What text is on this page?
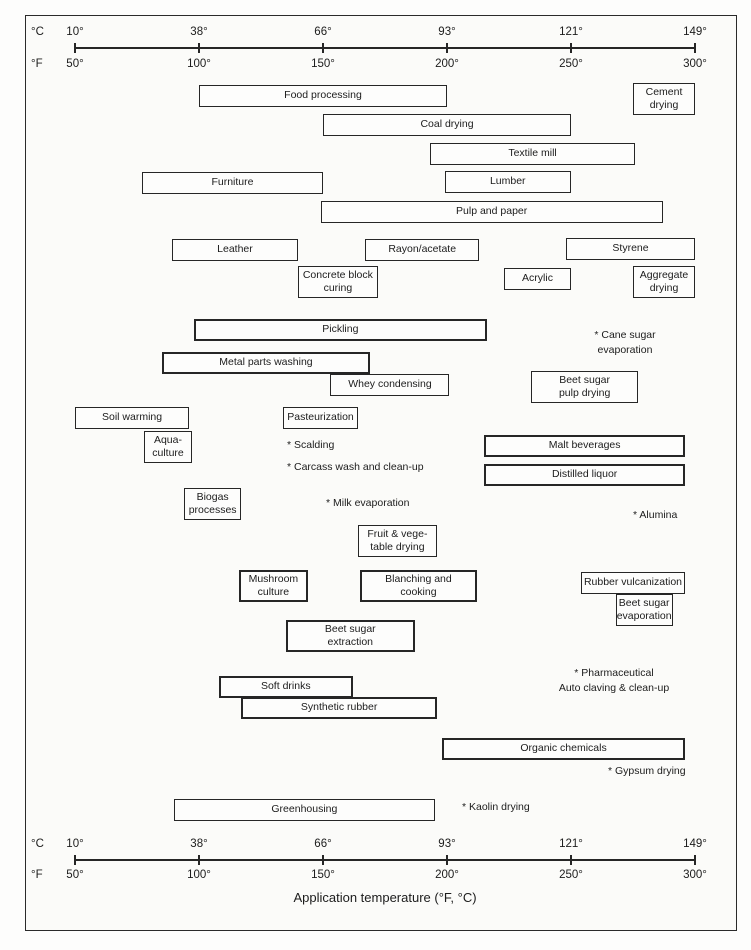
10°
50°
38°
100°
66°
150°
93°
200°
121°
250°
149°
300°
°C
°F
10°
50°
38°
100°
66°
150°
93°
200°
121°
250°
149°
300°
°C
°F
Food processing	Cement
drying
Coal drying
Textile mill
Furniture	Lumber
Pulp and paper
Leather	Rayon/acetate	Styrene
Concrete block
curing
Acrylic	Aggregate
drying
Pickling
Metal parts washing
Whey condensing	Beet sugar
pulp drying
Soil warming	Pasteurization
Aqua-
culture
Malt beverages
Distilled liquor
Biogas
processes
Fruit & vege-
table drying
Mushroom
culture
Blanching and
cooking
Rubber vulcanization
Beet sugar
evaporation
Beet sugar
extraction
Soft drinks
Synthetic rubber
Organic chemicals
Greenhousing
* Cane sugar
evaporation
* Scalding
* Carcass wash and clean-up
* Milk evaporation
* Alumina
* Pharmaceutical
Auto claving & clean-up
* Gypsum drying
* Kaolin drying
Application temperature (°F, °C)
